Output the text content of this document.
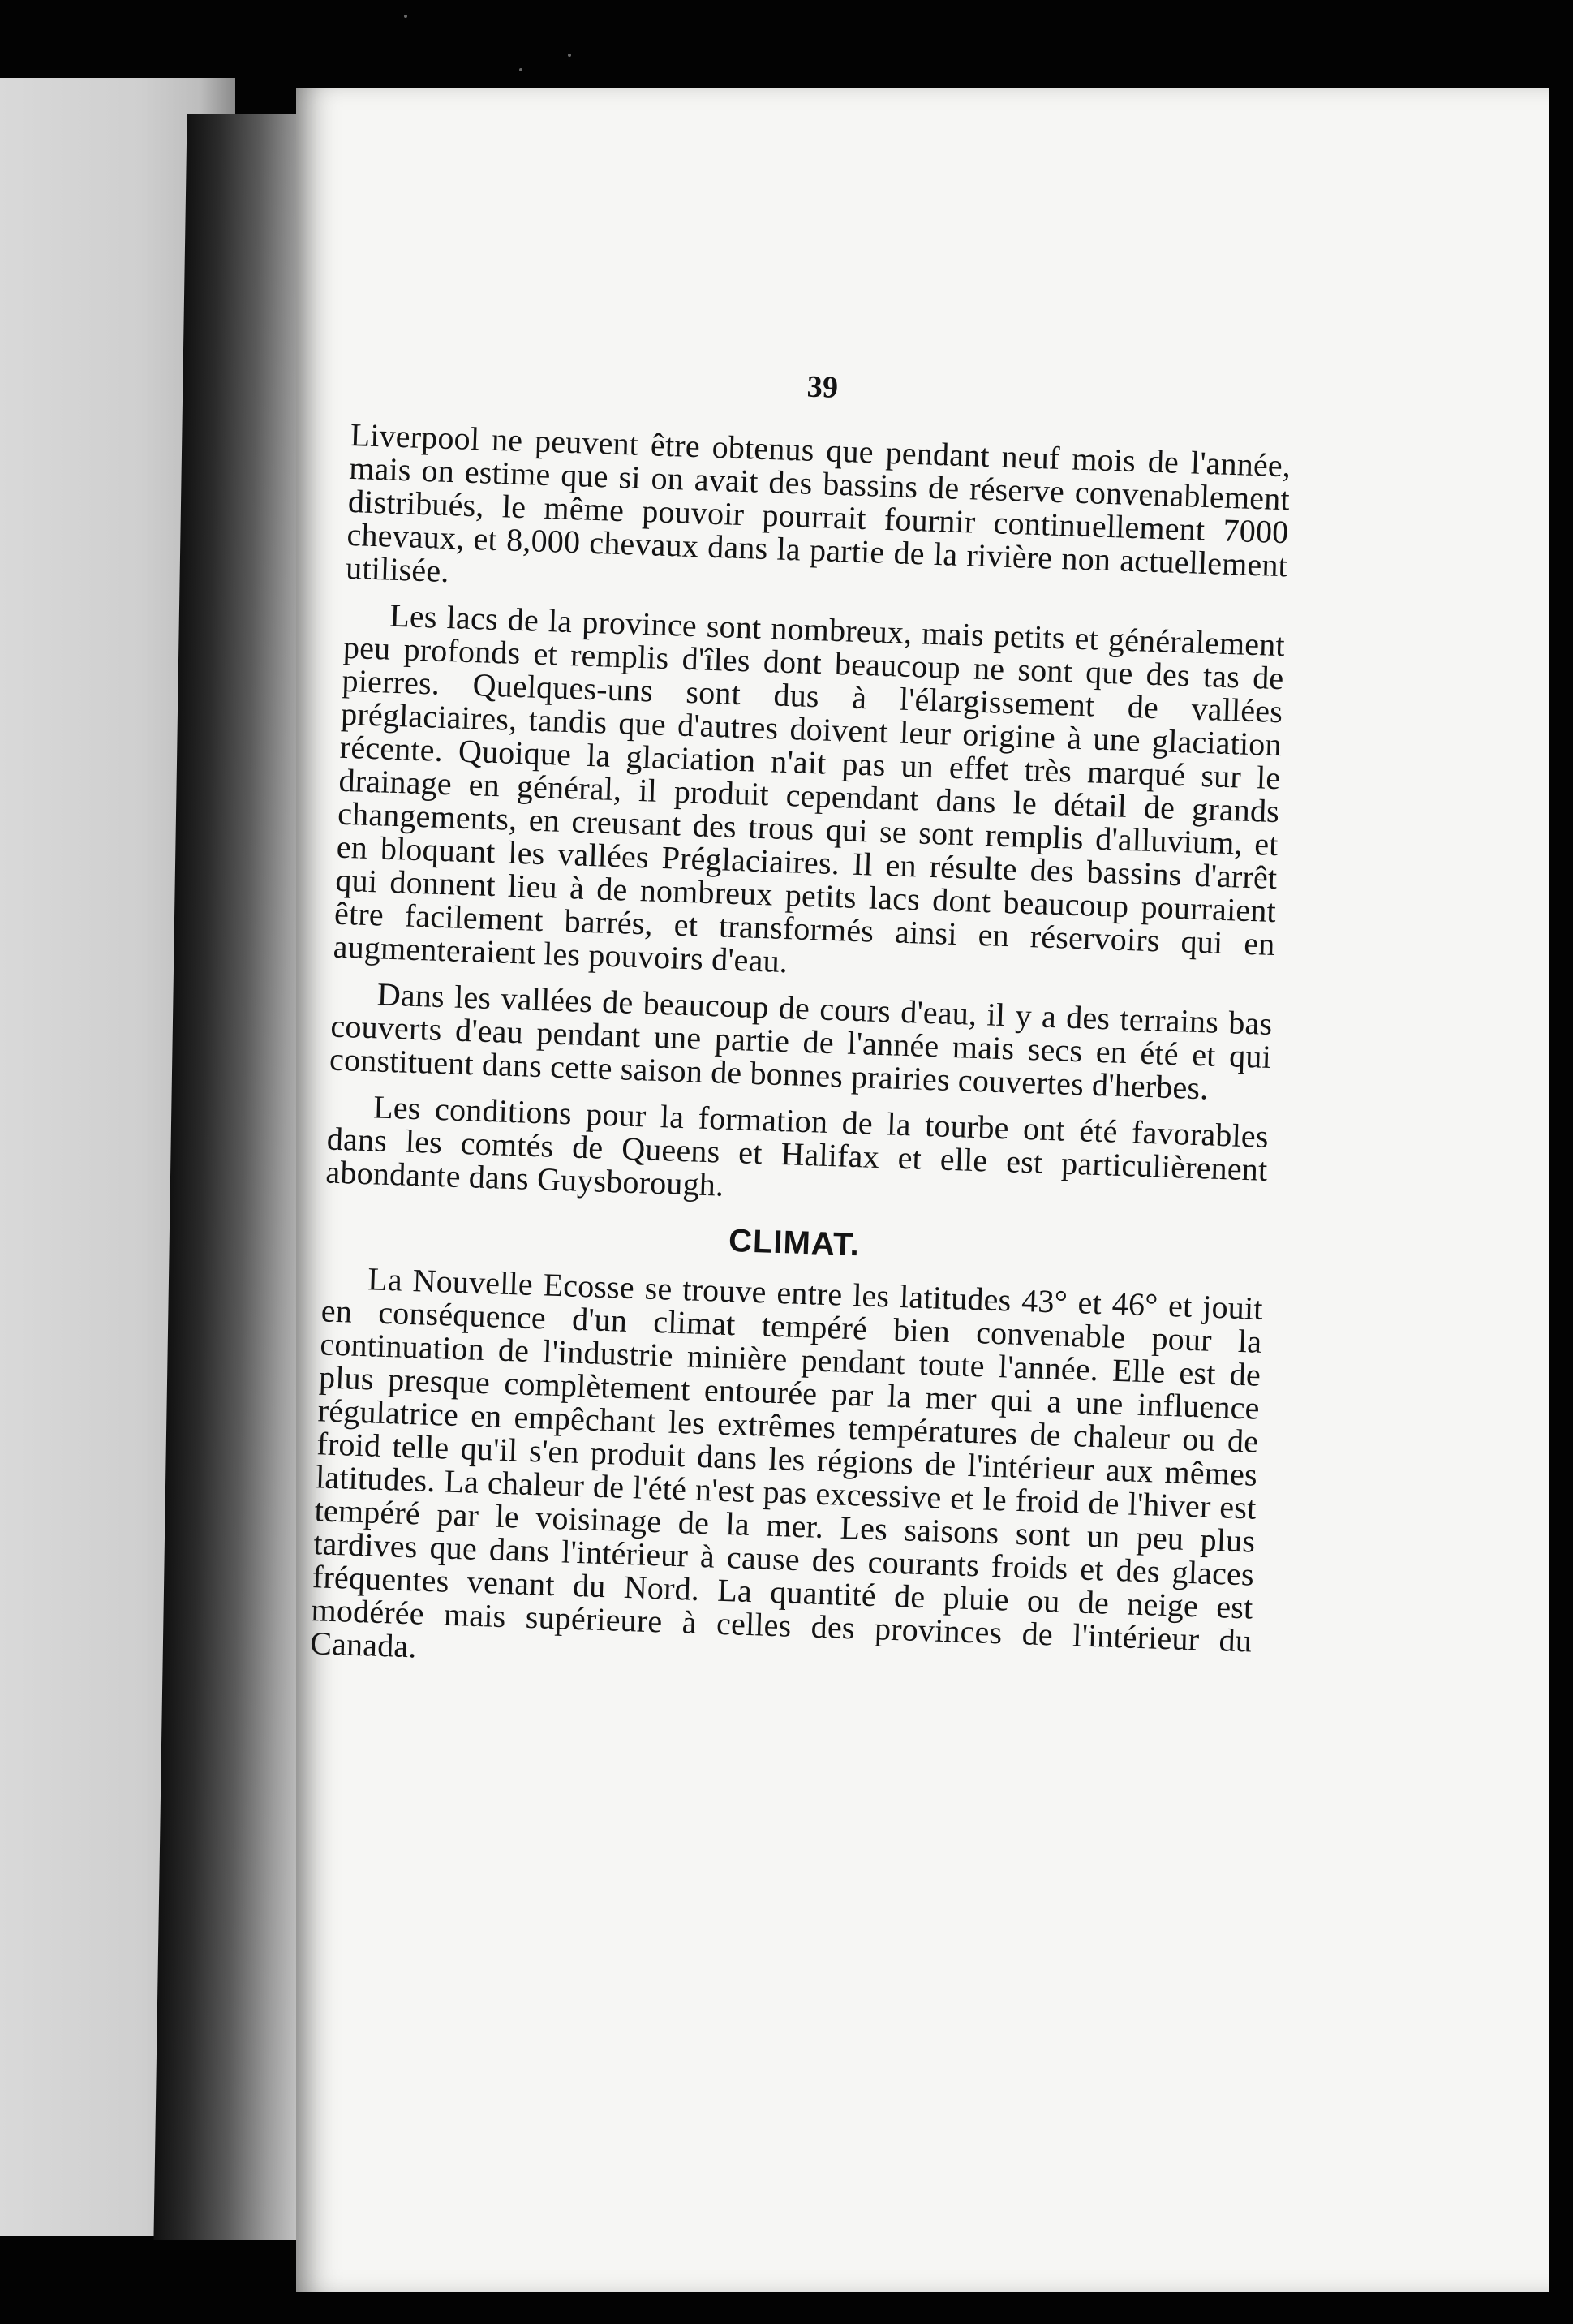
39

Liverpool ne peuvent être obtenus que pendant neuf mois de l'année, mais on estime que si on avait des bassins de réserve convenablement distribués, le même pouvoir pourrait fournir continuellement 7000 chevaux, et 8,000 chevaux dans la partie de la rivière non actuellement utilisée.

Les lacs de la province sont nombreux, mais petits et généralement peu profonds et remplis d'îles dont beaucoup ne sont que des tas de pierres. Quelques-uns sont dus à l'élargissement de vallées préglaciaires, tandis que d'autres doivent leur origine à une glaciation récente. Quoique la glaciation n'ait pas un effet très marqué sur le drainage en général, il produit cependant dans le détail de grands changements, en creusant des trous qui se sont remplis d'alluvium, et en bloquant les vallées Préglaciaires. Il en résulte des bassins d'arrêt qui donnent lieu à de nombreux petits lacs dont beaucoup pourraient être facilement barrés, et transformés ainsi en réservoirs qui en augmenteraient les pouvoirs d'eau.

Dans les vallées de beaucoup de cours d'eau, il y a des terrains bas couverts d'eau pendant une partie de l'année mais secs en été et qui constituent dans cette saison de bonnes prairies couvertes d'herbes.

Les conditions pour la formation de la tourbe ont été favorables dans les comtés de Queens et Halifax et elle est particulièrenent abondante dans Guysborough.

CLIMAT.

La Nouvelle Ecosse se trouve entre les latitudes 43° et 46° et jouit en conséquence d'un climat tempéré bien convenable pour la continuation de l'industrie minière pendant toute l'année. Elle est de plus presque complètement entourée par la mer qui a une influence régulatrice en empêchant les extrêmes températures de chaleur ou de froid telle qu'il s'en produit dans les régions de l'intérieur aux mêmes latitudes. La chaleur de l'été n'est pas excessive et le froid de l'hiver est tempéré par le voisinage de la mer. Les saisons sont un peu plus tardives que dans l'intérieur à cause des courants froids et des glaces fréquentes venant du Nord. La quantité de pluie ou de neige est modérée mais supérieure à celles des provinces de l'intérieur du Canada.
